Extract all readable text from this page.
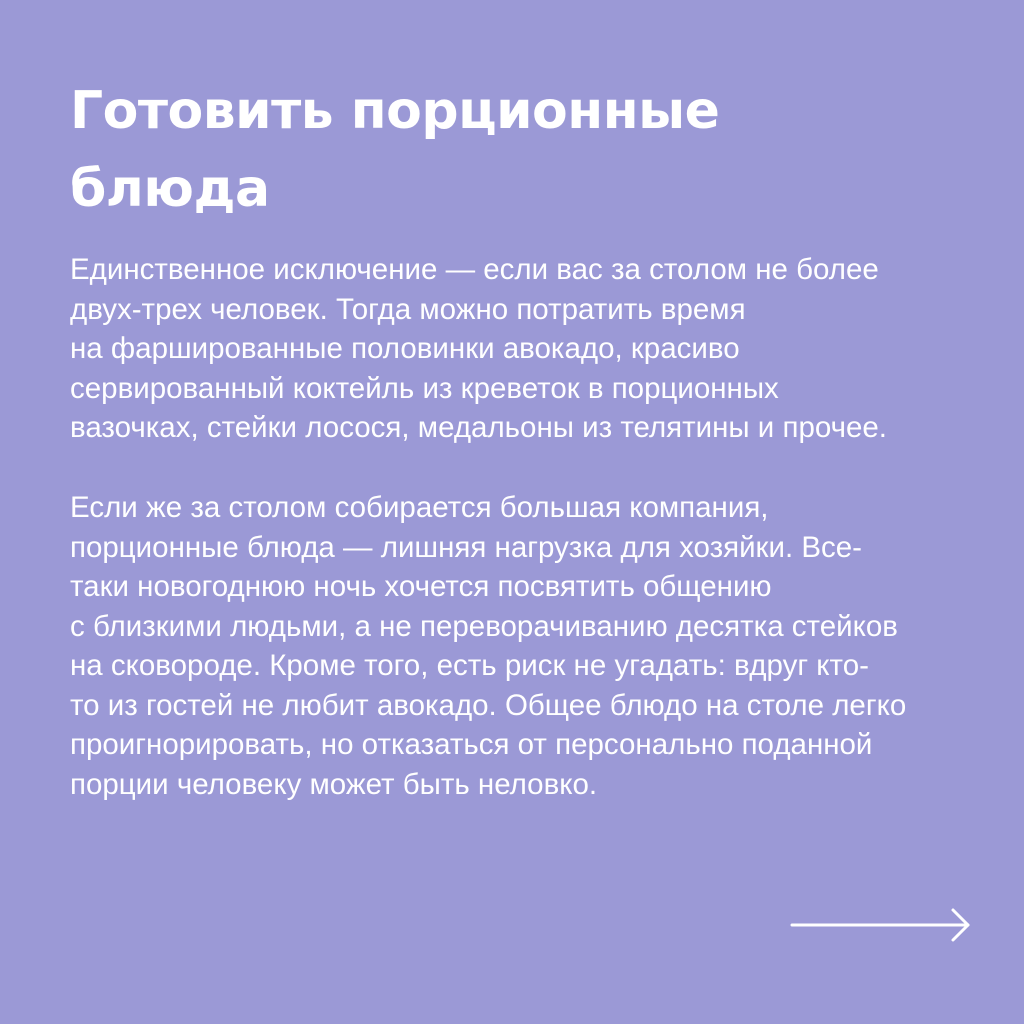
Готовить порционные
блюда

Единственное исключение — если вас за столом не более
двух-трех человек. Тогда можно потратить время
на фаршированные половинки авокадо, красиво
сервированный коктейль из креветок в порционных
вазочках, стейки лосося, медальоны из телятины и прочее.

Если же за столом собирается большая компания,
порционные блюда — лишняя нагрузка для хозяйки. Все-
таки новогоднюю ночь хочется посвятить общению
с близкими людьми, а не переворачиванию десятка стейков
на сковороде. Кроме того, есть риск не угадать: вдруг кто-
то из гостей не любит авокадо. Общее блюдо на столе легко
проигнорировать, но отказаться от персонально поданной
порции человеку может быть неловко.
